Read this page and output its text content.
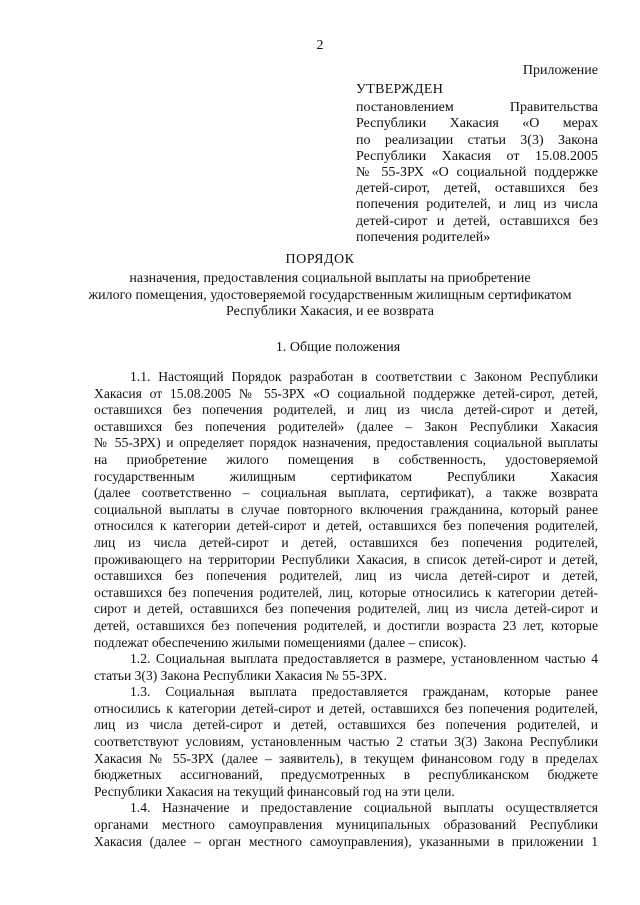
2
Приложение
УТВЕРЖДЕН
постановлением Правительства
Республики Хакасия «О мерах
по реализации статьи 3(3) Закона
Республики Хакасия от 15.08.2005
№ 55-ЗРХ «О социальной поддержке
детей-сирот, детей, оставшихся без
попечения родителей, и лиц из числа
детей-сирот и детей, оставшихся без
попечения родителей»
ПОРЯДОК
назначения, предоставления социальной выплаты на приобретение
жилого помещения, удостоверяемой государственным жилищным сертификатом
Республики Хакасия, и ее возврата
1. Общие положения
1.1. Настоящий Порядок разработан в соответствии с Законом Республики
Хакасия от 15.08.2005 № 55-ЗРХ «О социальной поддержке детей-сирот, детей,
оставшихся без попечения родителей, и лиц из числа детей-сирот и детей,
оставшихся без попечения родителей» (далее – Закон Республики Хакасия
№ 55-ЗРХ) и определяет порядок назначения, предоставления социальной выплаты
на приобретение жилого помещения в собственность, удостоверяемой
государственным жилищным сертификатом Республики Хакасия
(далее соответственно – социальная выплата, сертификат), а также возврата
социальной выплаты в случае повторного включения гражданина, который ранее
относился к категории детей-сирот и детей, оставшихся без попечения родителей,
лиц из числа детей-сирот и детей, оставшихся без попечения родителей,
проживающего на территории Республики Хакасия, в список детей-сирот и детей,
оставшихся без попечения родителей, лиц из числа детей-сирот и детей,
оставшихся без попечения родителей, лиц, которые относились к категории детей-
сирот и детей, оставшихся без попечения родителей, лиц из числа детей-сирот и
детей, оставшихся без попечения родителей, и достигли возраста 23 лет, которые
подлежат обеспечению жилыми помещениями (далее – список).
1.2. Социальная выплата предоставляется в размере, установленном частью 4
статьи 3(3) Закона Республики Хакасия № 55-ЗРХ.
1.3. Социальная выплата предоставляется гражданам, которые ранее
относились к категории детей-сирот и детей, оставшихся без попечения родителей,
лиц из числа детей-сирот и детей, оставшихся без попечения родителей, и
соответствуют условиям, установленным частью 2 статьи 3(3) Закона Республики
Хакасия № 55-ЗРХ (далее – заявитель), в текущем финансовом году в пределах
бюджетных ассигнований, предусмотренных в республиканском бюджете
Республики Хакасия на текущий финансовый год на эти цели.
1.4. Назначение и предоставление социальной выплаты осуществляется
органами местного самоуправления муниципальных образований Республики
Хакасия (далее – орган местного самоуправления), указанными в приложении 1
